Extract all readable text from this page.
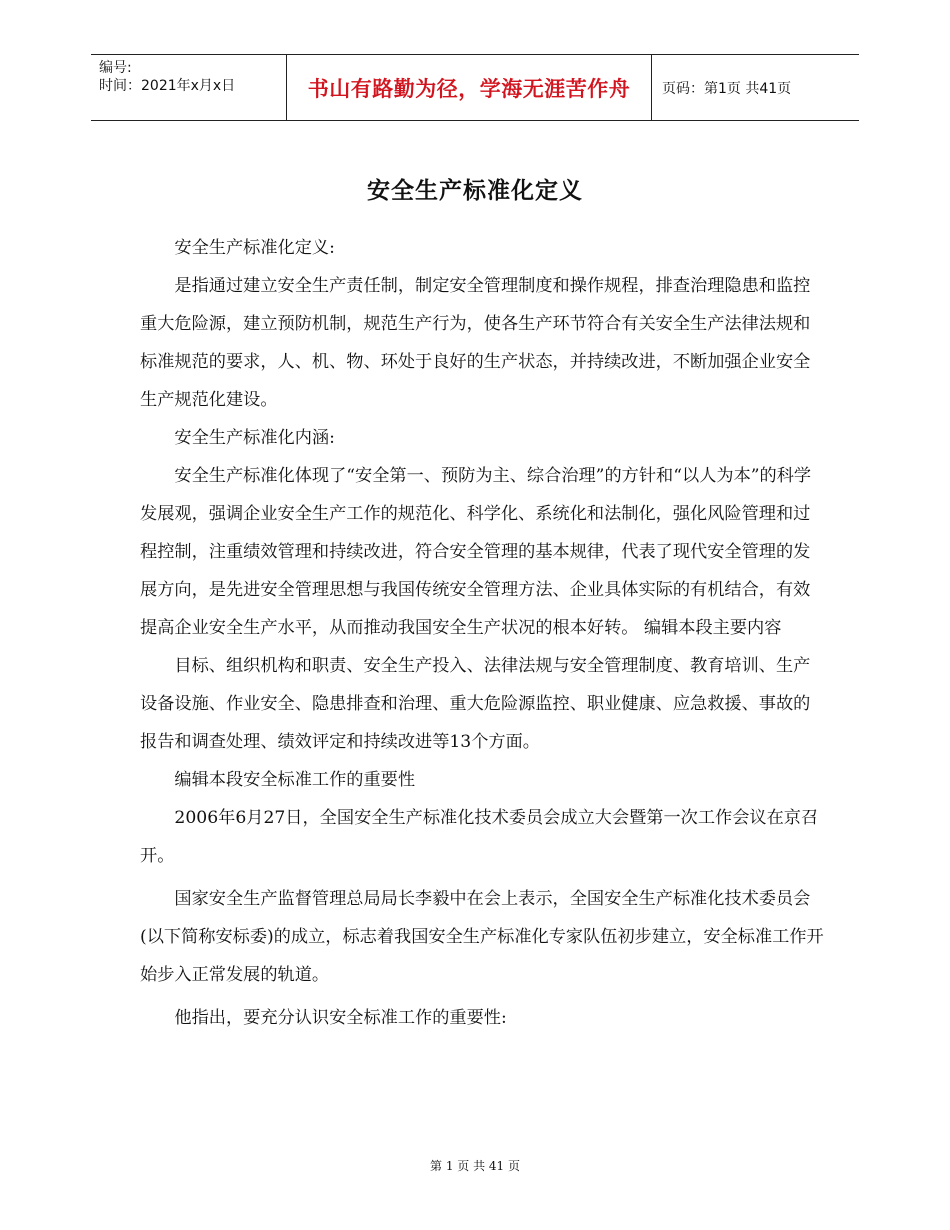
编号:
时间：2021年x月x日	书山有路勤为径，学海无涯苦作舟	页码：第1页 共41页
安全生产标准化定义

安全生产标准化定义:

是指通过建立安全生产责任制，制定安全管理制度和操作规程，排查治理隐患和监控重大危险源，建立预防机制，规范生产行为，使各生产环节符合有关安全生产法律法规和标准规范的要求，人、机、物、环处于良好的生产状态，并持续改进，不断加强企业安全生产规范化建设。

安全生产标准化内涵:

安全生产标准化体现了“安全第一、预防为主、综合治理”的方针和“以人为本”的科学发展观，强调企业安全生产工作的规范化、科学化、系统化和法制化，强化风险管理和过程控制，注重绩效管理和持续改进，符合安全管理的基本规律，代表了现代安全管理的发展方向，是先进安全管理思想与我国传统安全管理方法、企业具体实际的有机结合，有效提高企业安全生产水平，从而推动我国安全生产状况的根本好转。 编辑本段主要内容

目标、组织机构和职责、安全生产投入、法律法规与安全管理制度、教育培训、生产设备设施、作业安全、隐患排查和治理、重大危险源监控、职业健康、应急救援、事故的报告和调查处理、绩效评定和持续改进等13个方面。

编辑本段安全标准工作的重要性

2006年6月27日，全国安全生产标准化技术委员会成立大会暨第一次工作会议在京召开。

国家安全生产监督管理总局局长李毅中在会上表示，全国安全生产标准化技术委员会(以下简称安标委)的成立，标志着我国安全生产标准化专家队伍初步建立，安全标准工作开始步入正常发展的轨道。

他指出，要充分认识安全标准工作的重要性:

第 1 页 共 41 页
